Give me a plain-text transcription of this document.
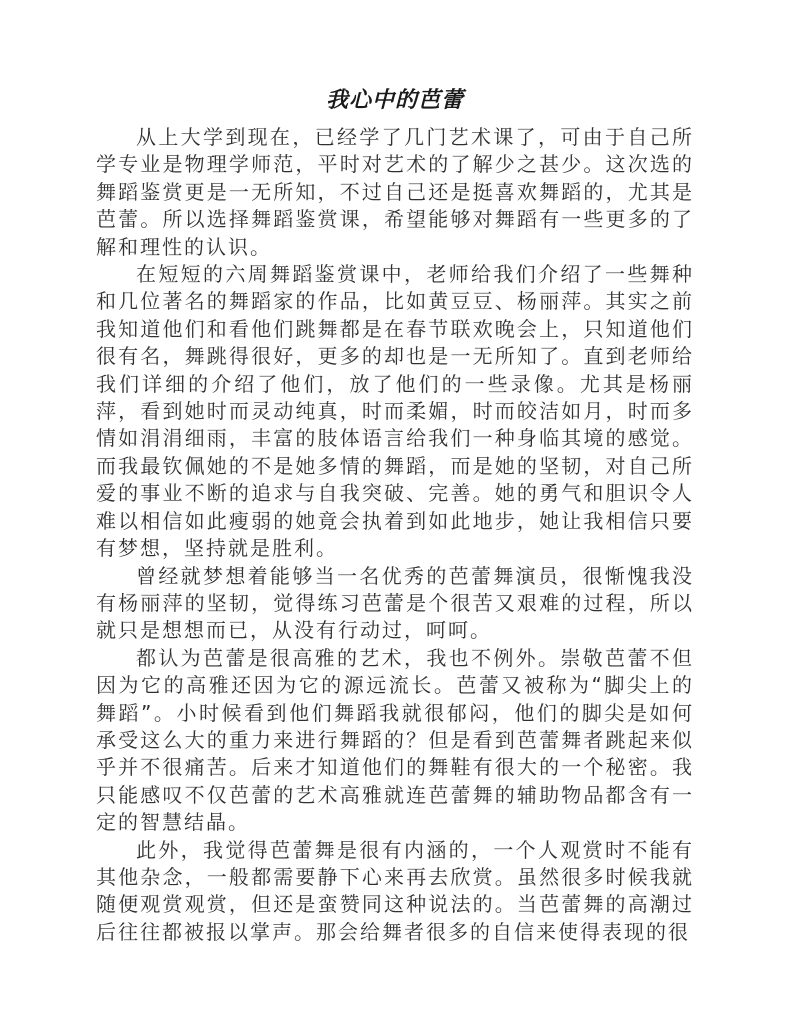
我心中的芭蕾

从上大学到现在，已经学了几门艺术课了，可由于自己所学专业是物理学师范，平时对艺术的了解少之甚少。这次选的舞蹈鉴赏更是一无所知，不过自己还是挺喜欢舞蹈的，尤其是芭蕾。所以选择舞蹈鉴赏课，希望能够对舞蹈有一些更多的了解和理性的认识。

在短短的六周舞蹈鉴赏课中，老师给我们介绍了一些舞种和几位著名的舞蹈家的作品，比如黄豆豆、杨丽萍。其实之前我知道他们和看他们跳舞都是在春节联欢晚会上，只知道他们很有名，舞跳得很好，更多的却也是一无所知了。直到老师给我们详细的介绍了他们，放了他们的一些录像。尤其是杨丽萍，看到她时而灵动纯真，时而柔媚，时而皎洁如月，时而多情如涓涓细雨，丰富的肢体语言给我们一种身临其境的感觉。而我最钦佩她的不是她多情的舞蹈，而是她的坚韧，对自己所爱的事业不断的追求与自我突破、完善。她的勇气和胆识令人难以相信如此瘦弱的她竟会执着到如此地步，她让我相信只要有梦想，坚持就是胜利。

曾经就梦想着能够当一名优秀的芭蕾舞演员，很惭愧我没有杨丽萍的坚韧，觉得练习芭蕾是个很苦又艰难的过程，所以就只是想想而已，从没有行动过，呵呵。

都认为芭蕾是很高雅的艺术，我也不例外。崇敬芭蕾不但因为它的高雅还因为它的源远流长。芭蕾又被称为“脚尖上的舞蹈”。小时候看到他们舞蹈我就很郁闷，他们的脚尖是如何承受这么大的重力来进行舞蹈的？但是看到芭蕾舞者跳起来似乎并不很痛苦。后来才知道他们的舞鞋有很大的一个秘密。我只能感叹不仅芭蕾的艺术高雅就连芭蕾舞的辅助物品都含有一定的智慧结晶。

此外，我觉得芭蕾舞是很有内涵的，一个人观赏时不能有其他杂念，一般都需要静下心来再去欣赏。虽然很多时候我就随便观赏观赏，但还是蛮赞同这种说法的。当芭蕾舞的高潮过后往往都被报以掌声。那会给舞者很多的自信来使得表现的很
